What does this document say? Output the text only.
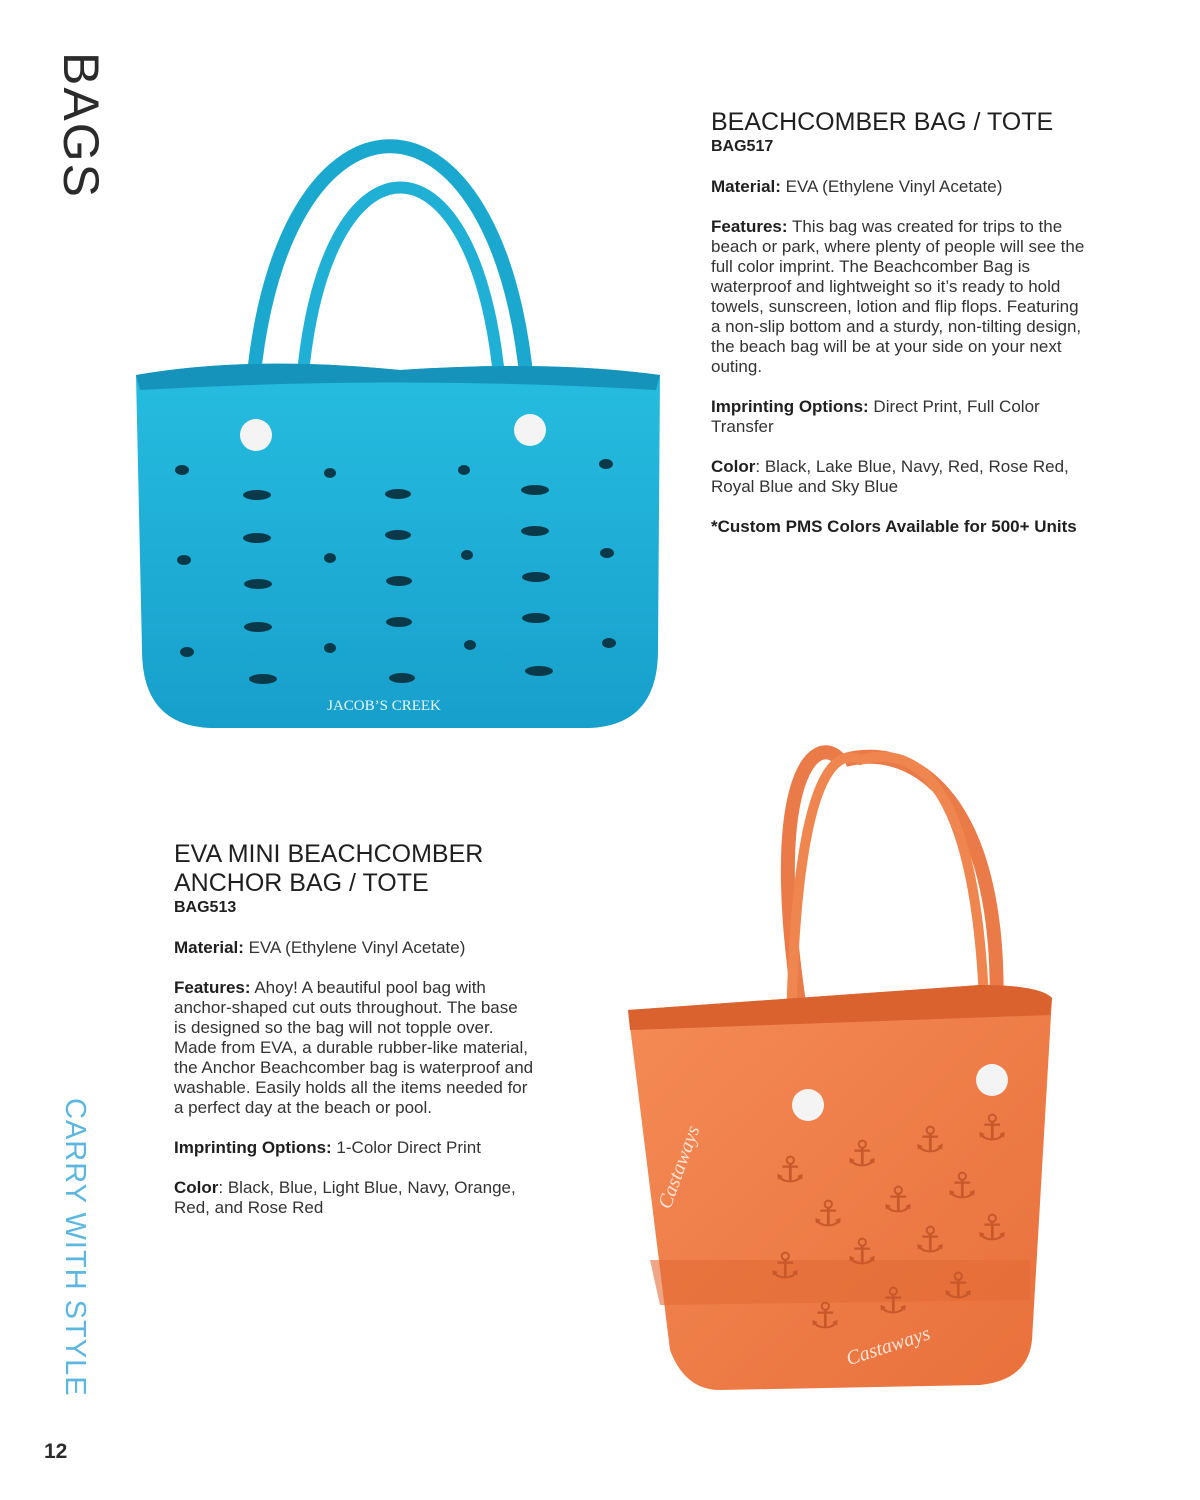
BAGS
CARRY WITH STYLE
12
JACOB’S CREEK
BEACHCOMBER BAG / TOTE
BAG517

Material: EVA (Ethylene Vinyl Acetate)

Features: This bag was created for trips to the beach or park, where plenty of people will see the full color imprint. The Beachcomber Bag is waterproof and lightweight so it’s ready to hold towels, sunscreen, lotion and flip flops. Featuring a non-slip bottom and a sturdy, non-tilting design, the beach bag will be at your side on your next outing.

Imprinting Options: Direct Print, Full Color Transfer

Color: Black, Lake Blue, Navy, Red, Rose Red, Royal Blue and Sky Blue

*Custom PMS Colors Available for 500+ Units

EVA MINI BEACHCOMBER ANCHOR BAG / TOTE
BAG513

Material: EVA (Ethylene Vinyl Acetate)

Features: Ahoy! A beautiful pool bag with anchor-shaped cut outs throughout. The base is designed so the bag will not topple over. Made from EVA, a durable rubber-like material, the Anchor Beachcomber bag is waterproof and washable. Easily holds all the items needed for a perfect day at the beach or pool.

Imprinting Options: 1-Color Direct Print

Color: Black, Blue, Light Blue, Navy, Orange, Red, and Rose Red

⚓ ⚓ ⚓ ⚓
⚓ ⚓ ⚓
⚓ ⚓ ⚓ ⚓
⚓ ⚓ ⚓
Castaways
Castaways
